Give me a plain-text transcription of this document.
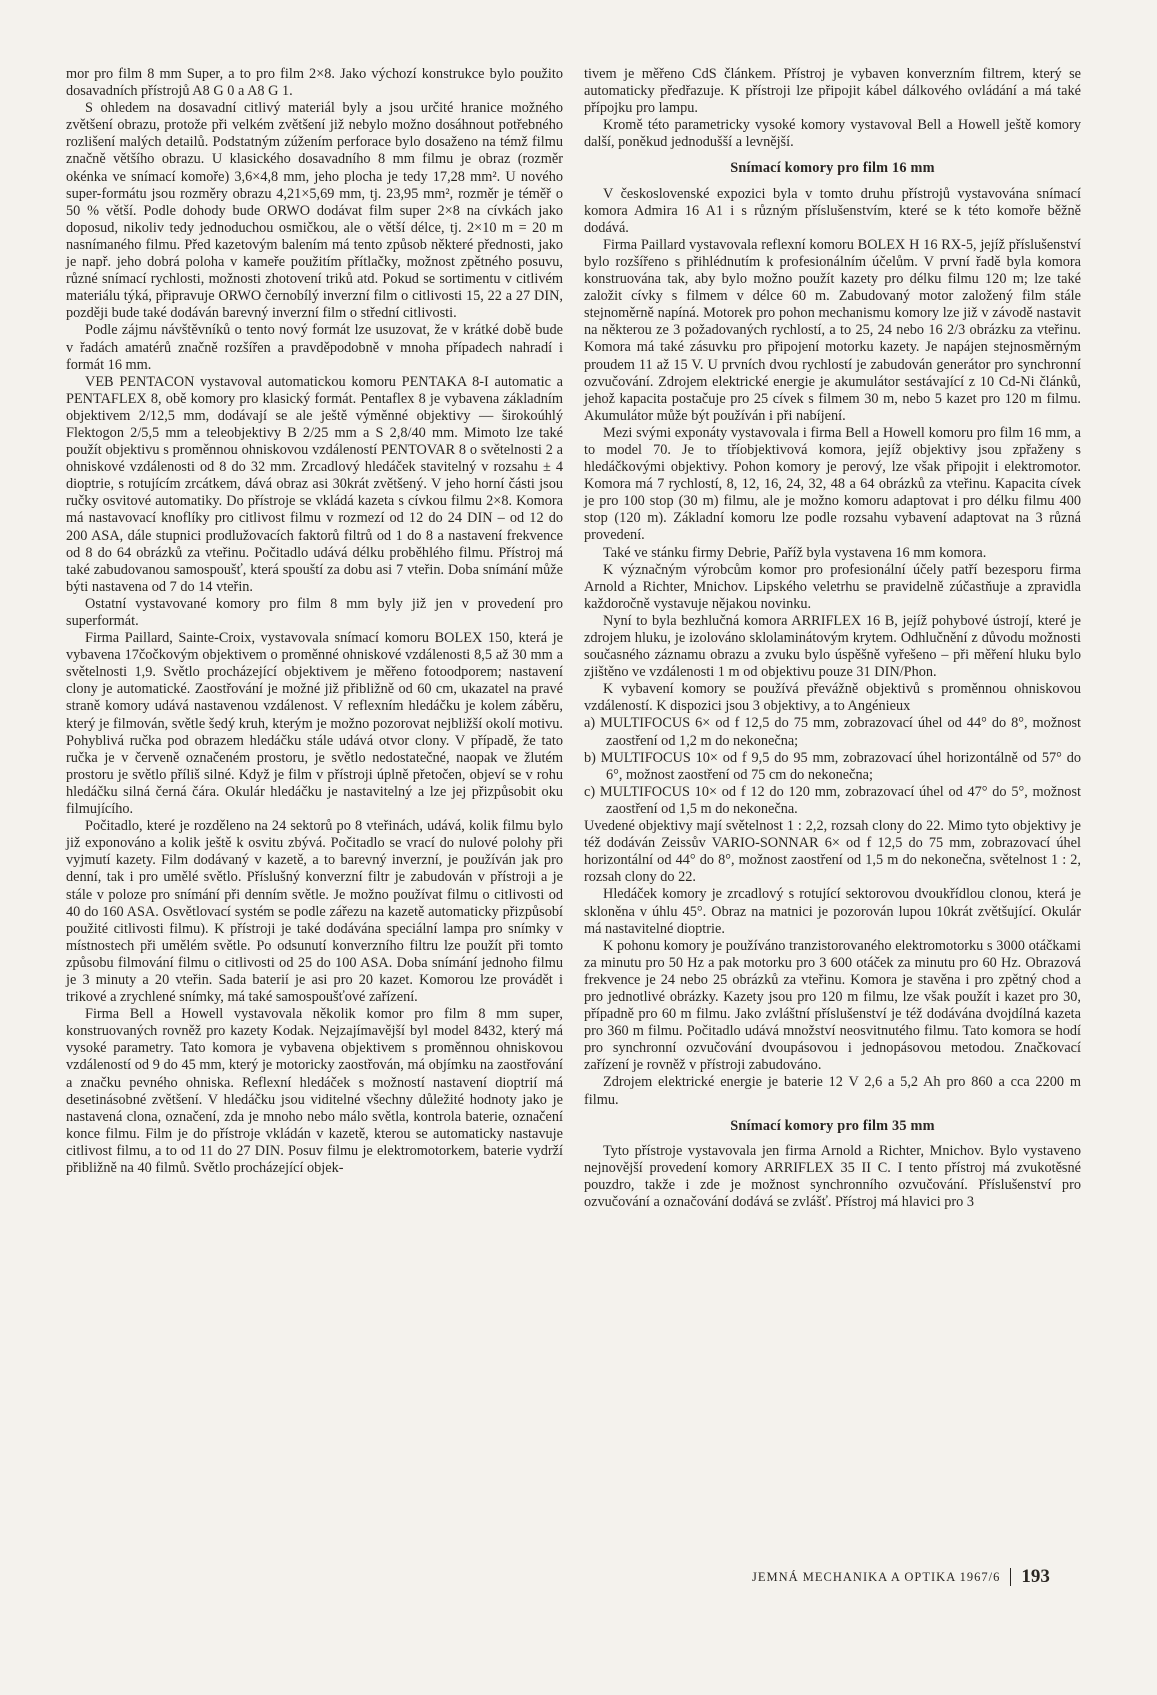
mor pro film 8 mm Super, a to pro film 2×8. Jako výchozí konstrukce bylo použito dosavadních přístrojů A8 G 0 a A8 G 1.

S ohledem na dosavadní citlivý materiál byly a jsou určité hranice možného zvětšení obrazu, protože při velkém zvětšení již nebylo možno dosáhnout potřebného rozlišení malých detailů. Podstatným zúžením perforace bylo dosaženo na témž filmu značně většího obrazu. U klasického dosavadního 8 mm filmu je obraz (rozměr okénka ve snímací komoře) 3,6×4,8 mm, jeho plocha je tedy 17,28 mm². U nového super-formátu jsou rozměry obrazu 4,21×5,69 mm, tj. 23,95 mm², rozměr je téměř o 50 % větší. Podle dohody bude ORWO dodávat film super 2×8 na cívkách jako doposud, nikoliv tedy jednoduchou osmičkou, ale o větší délce, tj. 2×10 m = 20 m nasnímaného filmu. Před kazetovým balením má tento způsob některé přednosti, jako je např. jeho dobrá poloha v kameře použitím přítlačky, možnost zpětného posuvu, různé snímací rychlosti, možnosti zhotovení triků atd. Pokud se sortimentu v citlivém materiálu týká, připravuje ORWO černobílý inverzní film o citlivosti 15, 22 a 27 DIN, později bude také dodáván barevný inverzní film o střední citlivosti.

Podle zájmu návštěvníků o tento nový formát lze usuzovat, že v krátké době bude v řadách amatérů značně rozšířen a pravděpodobně v mnoha případech nahradí i formát 16 mm.

VEB PENTACON vystavoval automatickou komoru PENTAKA 8-I automatic a PENTAFLEX 8, obě komory pro klasický formát. Pentaflex 8 je vybavena základním objektivem 2/12,5 mm, dodávají se ale ještě výměnné objektivy — širokoúhlý Flektogon 2/5,5 mm a teleobjektivy B 2/25 mm a S 2,8/40 mm. Mimoto lze také použít objektivu s proměnnou ohniskovou vzdáleností PENTOVAR 8 o světelnosti 2 a ohniskové vzdálenosti od 8 do 32 mm. Zrcadlový hledáček stavitelný v rozsahu ± 4 dioptrie, s rotujícím zrcátkem, dává obraz asi 30krát zvětšený. V jeho horní části jsou ručky osvitové automatiky. Do přístroje se vkládá kazeta s cívkou filmu 2×8. Komora má nastavovací knoflíky pro citlivost filmu v rozmezí od 12 do 24 DIN – od 12 do 200 ASA, dále stupnici prodlužovacích faktorů filtrů od 1 do 8 a nastavení frekvence od 8 do 64 obrázků za vteřinu. Počitadlo udává délku proběhlého filmu. Přístroj má také zabudovanou samospoušť, která spouští za dobu asi 7 vteřin. Doba snímání může býti nastavena od 7 do 14 vteřin.

Ostatní vystavované komory pro film 8 mm byly již jen v provedení pro superformát.

Firma Paillard, Sainte-Croix, vystavovala snímací komoru BOLEX 150, která je vybavena 17čočkovým objektivem o proměnné ohniskové vzdálenosti 8,5 až 30 mm a světelnosti 1,9. Světlo procházející objektivem je měřeno fotoodporem; nastavení clony je automatické. Zaostřování je možné již přibližně od 60 cm, ukazatel na pravé straně komory udává nastavenou vzdálenost. V reflexním hledáčku je kolem záběru, který je filmován, světle šedý kruh, kterým je možno pozorovat nejbližší okolí motivu. Pohyblivá ručka pod obrazem hledáčku stále udává otvor clony. V případě, že tato ručka je v červeně označeném prostoru, je světlo nedostatečné, naopak ve žlutém prostoru je světlo příliš silné. Když je film v přístroji úplně přetočen, objeví se v rohu hledáčku silná černá čára. Okulár hledáčku je nastavitelný a lze jej přizpůsobit oku filmujícího.

Počitadlo, které je rozděleno na 24 sektorů po 8 vteřinách, udává, kolik filmu bylo již exponováno a kolik ještě k osvitu zbývá. Počitadlo se vrací do nulové polohy při vyjmutí kazety. Film dodávaný v kazetě, a to barevný inverzní, je používán jak pro denní, tak i pro umělé světlo. Příslušný konverzní filtr je zabudován v přístroji a je stále v poloze pro snímání při denním světle. Je možno používat filmu o citlivosti od 40 do 160 ASA. Osvětlovací systém se podle zářezu na kazetě automaticky přizpůsobí použité citlivosti filmu). K přístroji je také dodávána speciální lampa pro snímky v místnostech při umělém světle. Po odsunutí konverzního filtru lze použít při tomto způsobu filmování filmu o citlivosti od 25 do 100 ASA. Doba snímání jednoho filmu je 3 minuty a 20 vteřin. Sada baterií je asi pro 20 kazet. Komorou lze provádět i trikové a zrychlené snímky, má také samospoušťové zařízení.

Firma Bell a Howell vystavovala několik komor pro film 8 mm super, konstruovaných rovněž pro kazety Kodak. Nejzajímavější byl model 8432, který má vysoké parametry. Tato komora je vybavena objektivem s proměnnou ohniskovou vzdáleností od 9 do 45 mm, který je motoricky zaostřován, má objímku na zaostřování a značku pevného ohniska. Reflexní hledáček s možností nastavení dioptrií má desetinásobné zvětšení. V hledáčku jsou viditelné všechny důležité hodnoty jako je nastavená clona, označení, zda je mnoho nebo málo světla, kontrola baterie, označení konce filmu. Film je do přístroje vkládán v kazetě, kterou se automaticky nastavuje citlivost filmu, a to od 11 do 27 DIN. Posuv filmu je elektromotorkem, baterie vydrží přibližně na 40 filmů. Světlo procházející objek-

tivem je měřeno CdS článkem. Přístroj je vybaven konverzním filtrem, který se automaticky předřazuje. K přístroji lze připojit kábel dálkového ovládání a má také přípojku pro lampu.

Kromě této parametricky vysoké komory vystavoval Bell a Howell ještě komory další, poněkud jednodušší a levnější.

Snímací komory pro film 16 mm

V československé expozici byla v tomto druhu přístrojů vystavována snímací komora Admira 16 A1 i s různým příslušenstvím, které se k této komoře běžně dodává.

Firma Paillard vystavovala reflexní komoru BOLEX H 16 RX-5, jejíž příslušenství bylo rozšířeno s přihlédnutím k profesionálním účelům. V první řadě byla komora konstruována tak, aby bylo možno použít kazety pro délku filmu 120 m; lze také založit cívky s filmem v délce 60 m. Zabudovaný motor založený film stále stejnoměrně napíná. Motorek pro pohon mechanismu komory lze již v závodě nastavit na některou ze 3 požadovaných rychlostí, a to 25, 24 nebo 16 2/3 obrázku za vteřinu. Komora má také zásuvku pro připojení motorku kazety. Je napájen stejnosměrným proudem 11 až 15 V. U prvních dvou rychlostí je zabudován generátor pro synchronní ozvučování. Zdrojem elektrické energie je akumulátor sestávající z 10 Cd-Ni článků, jehož kapacita postačuje pro 25 cívek s filmem 30 m, nebo 5 kazet pro 120 m filmu. Akumulátor může být používán i při nabíjení.

Mezi svými exponáty vystavovala i firma Bell a Howell komoru pro film 16 mm, a to model 70. Je to tříobjektivová komora, jejíž objektivy jsou zpřaženy s hledáčkovými objektivy. Pohon komory je perový, lze však připojit i elektromotor. Komora má 7 rychlostí, 8, 12, 16, 24, 32, 48 a 64 obrázků za vteřinu. Kapacita cívek je pro 100 stop (30 m) filmu, ale je možno komoru adaptovat i pro délku filmu 400 stop (120 m). Základní komoru lze podle rozsahu vybavení adaptovat na 3 různá provedení.

Také ve stánku firmy Debrie, Paříž byla vystavena 16 mm komora.

K význačným výrobcům komor pro profesionální účely patří bezesporu firma Arnold a Richter, Mnichov. Lipského veletrhu se pravidelně zúčastňuje a zpravidla každoročně vystavuje nějakou novinku.

Nyní to byla bezhlučná komora ARRIFLEX 16 B, jejíž pohybové ústrojí, které je zdrojem hluku, je izolováno sklolaminátovým krytem. Odhlučnění z důvodu možnosti současného záznamu obrazu a zvuku bylo úspěšně vyřešeno – při měření hluku bylo zjištěno ve vzdálenosti 1 m od objektivu pouze 31 DIN/Phon.

K vybavení komory se používá převážně objektivů s proměnnou ohniskovou vzdáleností. K dispozici jsou 3 objektivy, a to Angénieux

a) MULTIFOCUS 6× od f 12,5 do 75 mm, zobrazovací úhel od 44° do 8°, možnost zaostření od 1,2 m do nekonečna;

b) MULTIFOCUS 10× od f 9,5 do 95 mm, zobrazovací úhel horizontálně od 57° do 6°, možnost zaostření od 75 cm do nekonečna;

c) MULTIFOCUS 10× od f 12 do 120 mm, zobrazovací úhel od 47° do 5°, možnost zaostření od 1,5 m do nekonečna.

Uvedené objektivy mají světelnost 1 : 2,2, rozsah clony do 22. Mimo tyto objektivy je též dodáván Zeissův VARIO-SONNAR 6× od f 12,5 do 75 mm, zobrazovací úhel horizontální od 44° do 8°, možnost zaostření od 1,5 m do nekonečna, světelnost 1 : 2, rozsah clony do 22.

Hledáček komory je zrcadlový s rotující sektorovou dvoukřídlou clonou, která je skloněna v úhlu 45°. Obraz na matnici je pozorován lupou 10krát zvětšující. Okulár má nastavitelné dioptrie.

K pohonu komory je používáno tranzistorovaného elektromotorku s 3000 otáčkami za minutu pro 50 Hz a pak motorku pro 3 600 otáček za minutu pro 60 Hz. Obrazová frekvence je 24 nebo 25 obrázků za vteřinu. Komora je stavěna i pro zpětný chod a pro jednotlivé obrázky. Kazety jsou pro 120 m filmu, lze však použít i kazet pro 30, případně pro 60 m filmu. Jako zvláštní příslušenství je též dodávána dvojdílná kazeta pro 360 m filmu. Počitadlo udává množství neosvitnutého filmu. Tato komora se hodí pro synchronní ozvučování dvoupásovou i jednopásovou metodou. Značkovací zařízení je rovněž v přístroji zabudováno.

Zdrojem elektrické energie je baterie 12 V 2,6 a 5,2 Ah pro 860 a cca 2200 m filmu.

Snímací komory pro film 35 mm

Tyto přístroje vystavovala jen firma Arnold a Richter, Mnichov. Bylo vystaveno nejnovější provedení komory ARRIFLEX 35 II C. I tento přístroj má zvukotěsné pouzdro, takže i zde je možnost synchronního ozvučování. Příslušenství pro ozvučování a označování dodává se zvlášť. Přístroj má hlavici pro 3

JEMNÁ MECHANIKA A OPTIKA 1967/6 193
